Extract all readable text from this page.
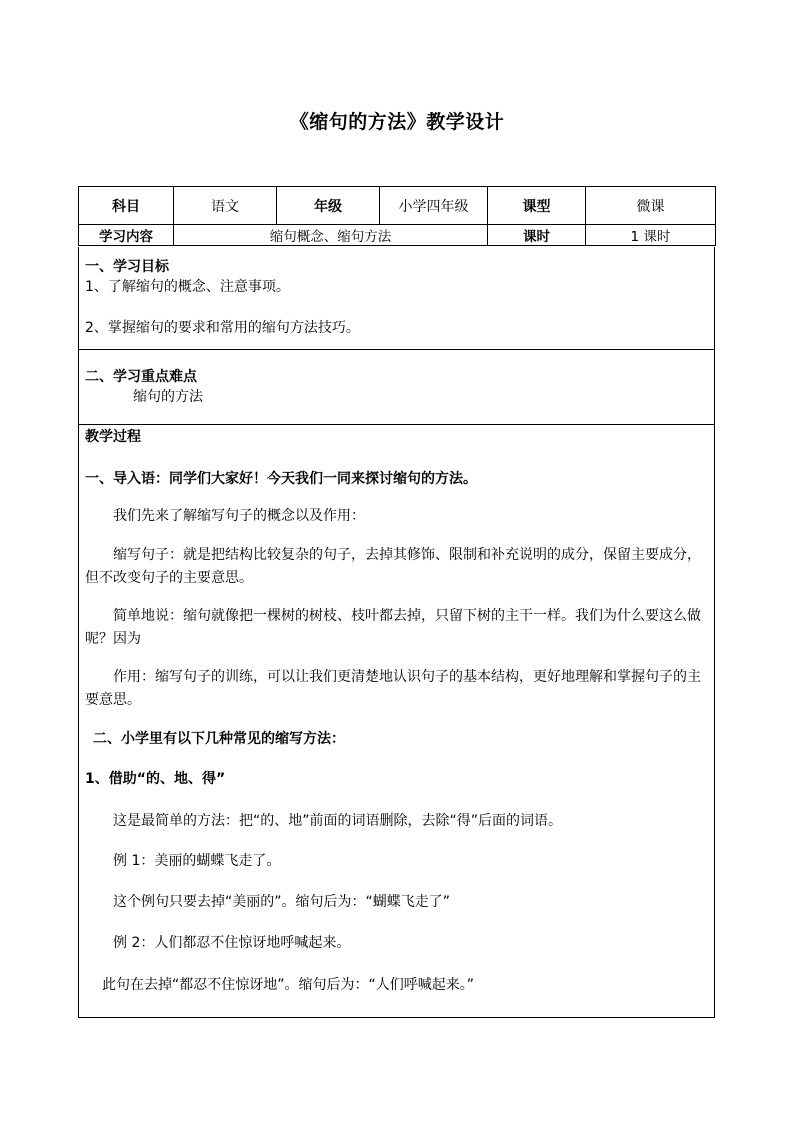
《缩句的方法》教学设计
科目	语文	年级	小学四年级	课型	微课
学习内容	缩句概念、缩句方法			课时	1 课时
一、学习目标
1、了解缩句的概念、注意事项。
2、掌握缩句的要求和常用的缩句方法技巧。
二、学习重点难点
缩句的方法
教学过程
一、导入语：同学们大家好！今天我们一同来探讨缩句的方法。
我们先来了解缩写句子的概念以及作用：
缩写句子：就是把结构比较复杂的句子，去掉其修饰、限制和补充说明的成分，保留主要成分，但不改变句子的主要意思。
简单地说：缩句就像把一棵树的树枝、枝叶都去掉，只留下树的主干一样。我们为什么要这么做呢？因为
作用：缩写句子的训练，可以让我们更清楚地认识句子的基本结构，更好地理解和掌握句子的主要意思。
二、小学里有以下几种常见的缩写方法：
1、借助“的、地、得”
这是最简单的方法：把“的、地”前面的词语删除，去除“得”后面的词语。
例 1：美丽的蝴蝶飞走了。
这个例句只要去掉“美丽的”。缩句后为：“蝴蝶飞走了”
例 2：人们都忍不住惊讶地呼喊起来。
此句在去掉“都忍不住惊讶地”。缩句后为：“人们呼喊起来。”
